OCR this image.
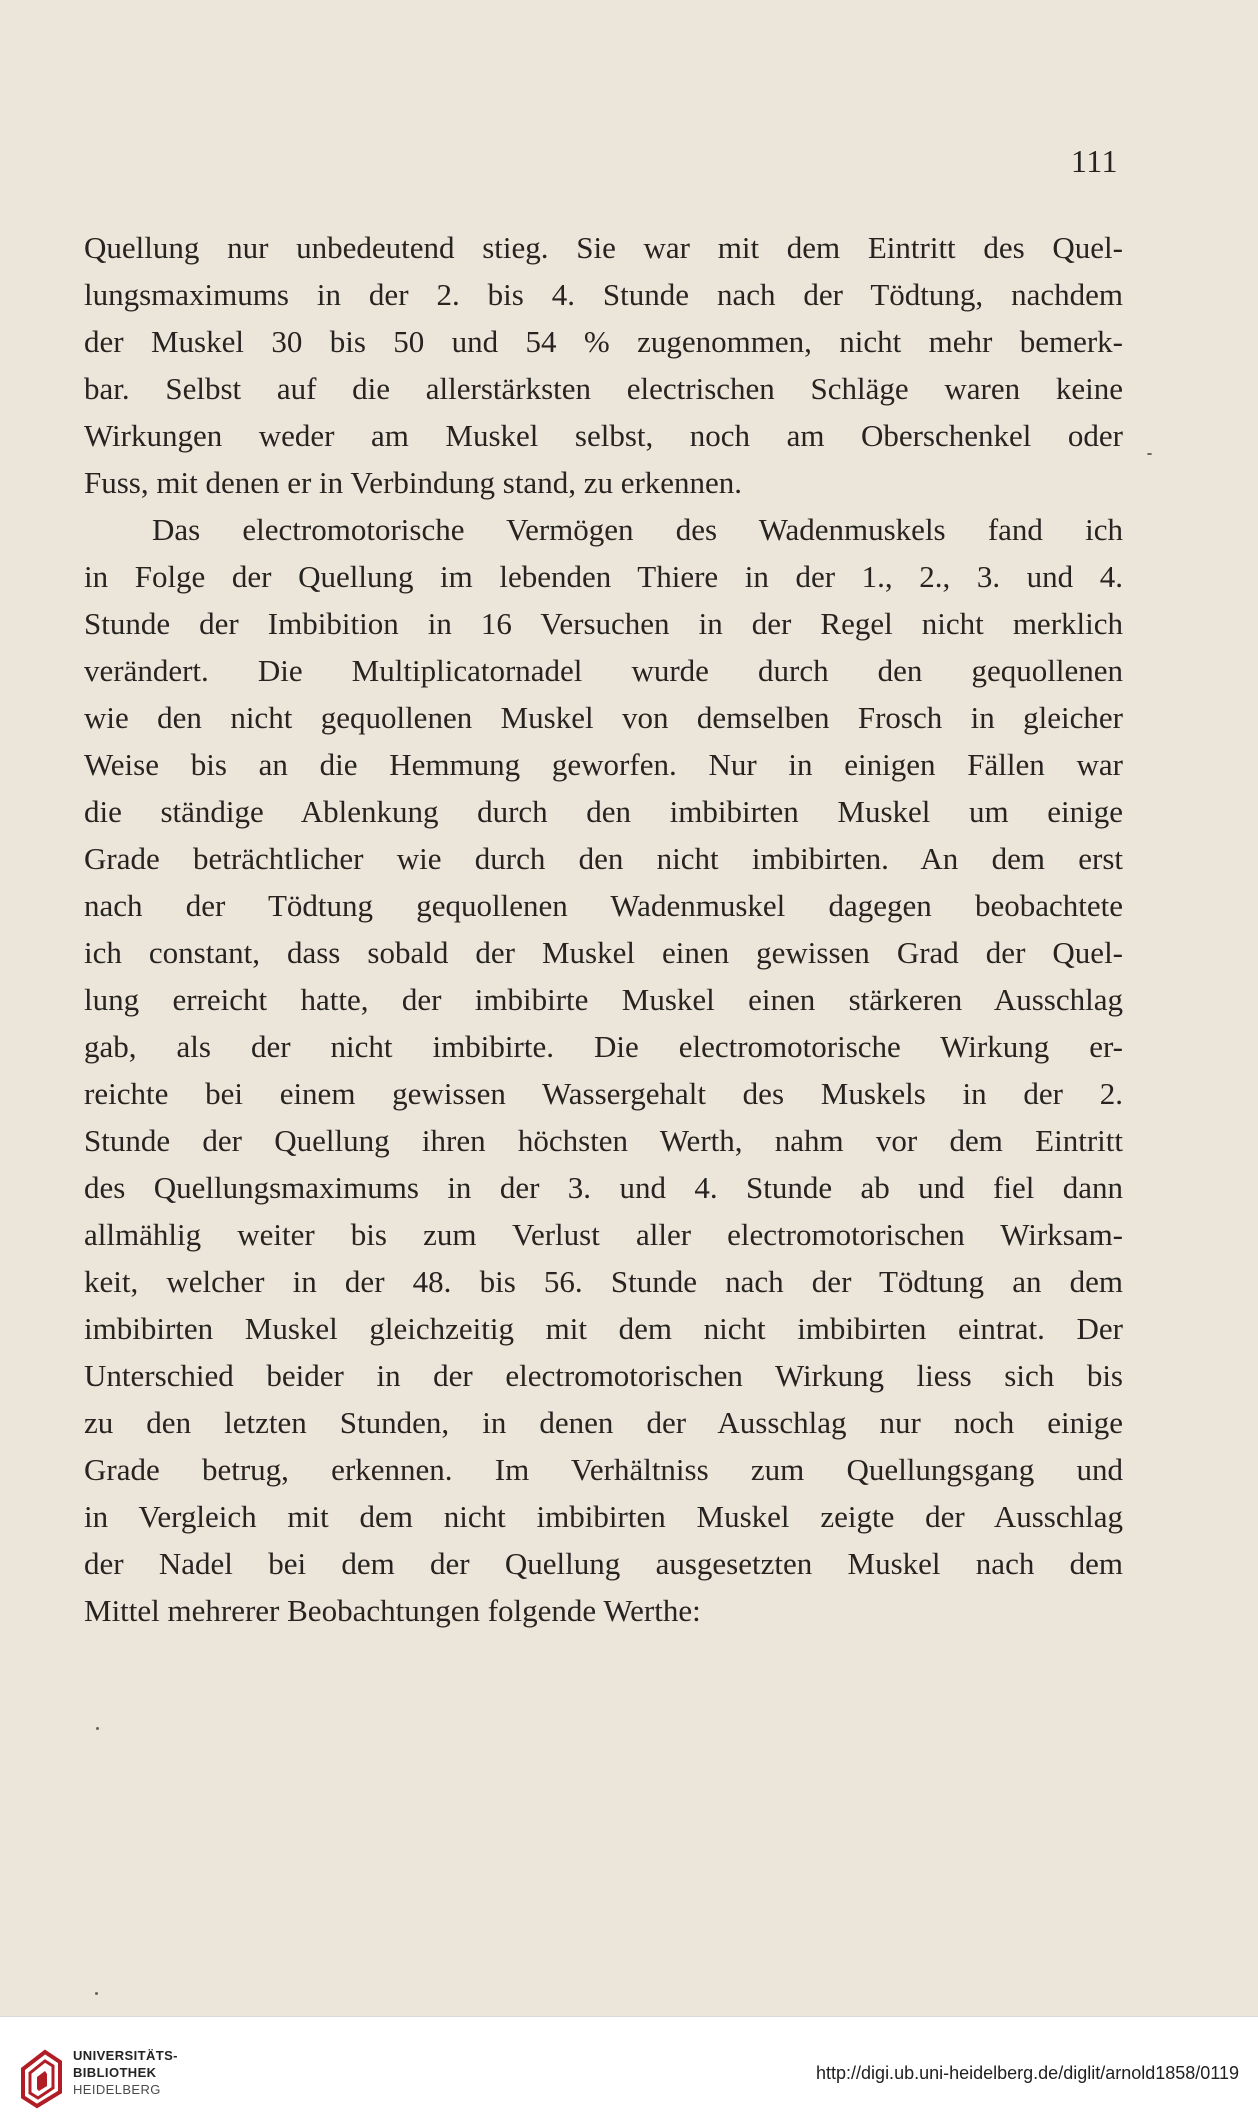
111
Quellung nur unbedeutend stieg. Sie war mit dem Eintritt des Quel-
lungsmaximums in der 2. bis 4. Stunde nach der Tödtung, nachdem
der Muskel 30 bis 50 und 54 % zugenommen, nicht mehr bemerk-
bar. Selbst auf die allerstärksten electrischen Schläge waren keine
Wirkungen weder am Muskel selbst, noch am Oberschenkel oder
Fuss, mit denen er in Verbindung stand, zu erkennen.
Das electromotorische Vermögen des Wadenmuskels fand ich
in Folge der Quellung im lebenden Thiere in der 1., 2., 3. und 4.
Stunde der Imbibition in 16 Versuchen in der Regel nicht merklich
verändert. Die Multiplicatornadel wurde durch den gequollenen
wie den nicht gequollenen Muskel von demselben Frosch in gleicher
Weise bis an die Hemmung geworfen. Nur in einigen Fällen war
die ständige Ablenkung durch den imbibirten Muskel um einige
Grade beträchtlicher wie durch den nicht imbibirten. An dem erst
nach der Tödtung gequollenen Wadenmuskel dagegen beobachtete
ich constant, dass sobald der Muskel einen gewissen Grad der Quel-
lung erreicht hatte, der imbibirte Muskel einen stärkeren Ausschlag
gab, als der nicht imbibirte. Die electromotorische Wirkung er-
reichte bei einem gewissen Wassergehalt des Muskels in der 2.
Stunde der Quellung ihren höchsten Werth, nahm vor dem Eintritt
des Quellungsmaximums in der 3. und 4. Stunde ab und fiel dann
allmählig weiter bis zum Verlust aller electromotorischen Wirksam-
keit, welcher in der 48. bis 56. Stunde nach der Tödtung an dem
imbibirten Muskel gleichzeitig mit dem nicht imbibirten eintrat. Der
Unterschied beider in der electromotorischen Wirkung liess sich bis
zu den letzten Stunden, in denen der Ausschlag nur noch einige
Grade betrug, erkennen. Im Verhältniss zum Quellungsgang und
in Vergleich mit dem nicht imbibirten Muskel zeigte der Ausschlag
der Nadel bei dem der Quellung ausgesetzten Muskel nach dem
Mittel mehrerer Beobachtungen folgende Werthe:
UNIVERSITÄTS-
BIBLIOTHEK
HEIDELBERG
http://digi.ub.uni-heidelberg.de/diglit/arnold1858/0119
